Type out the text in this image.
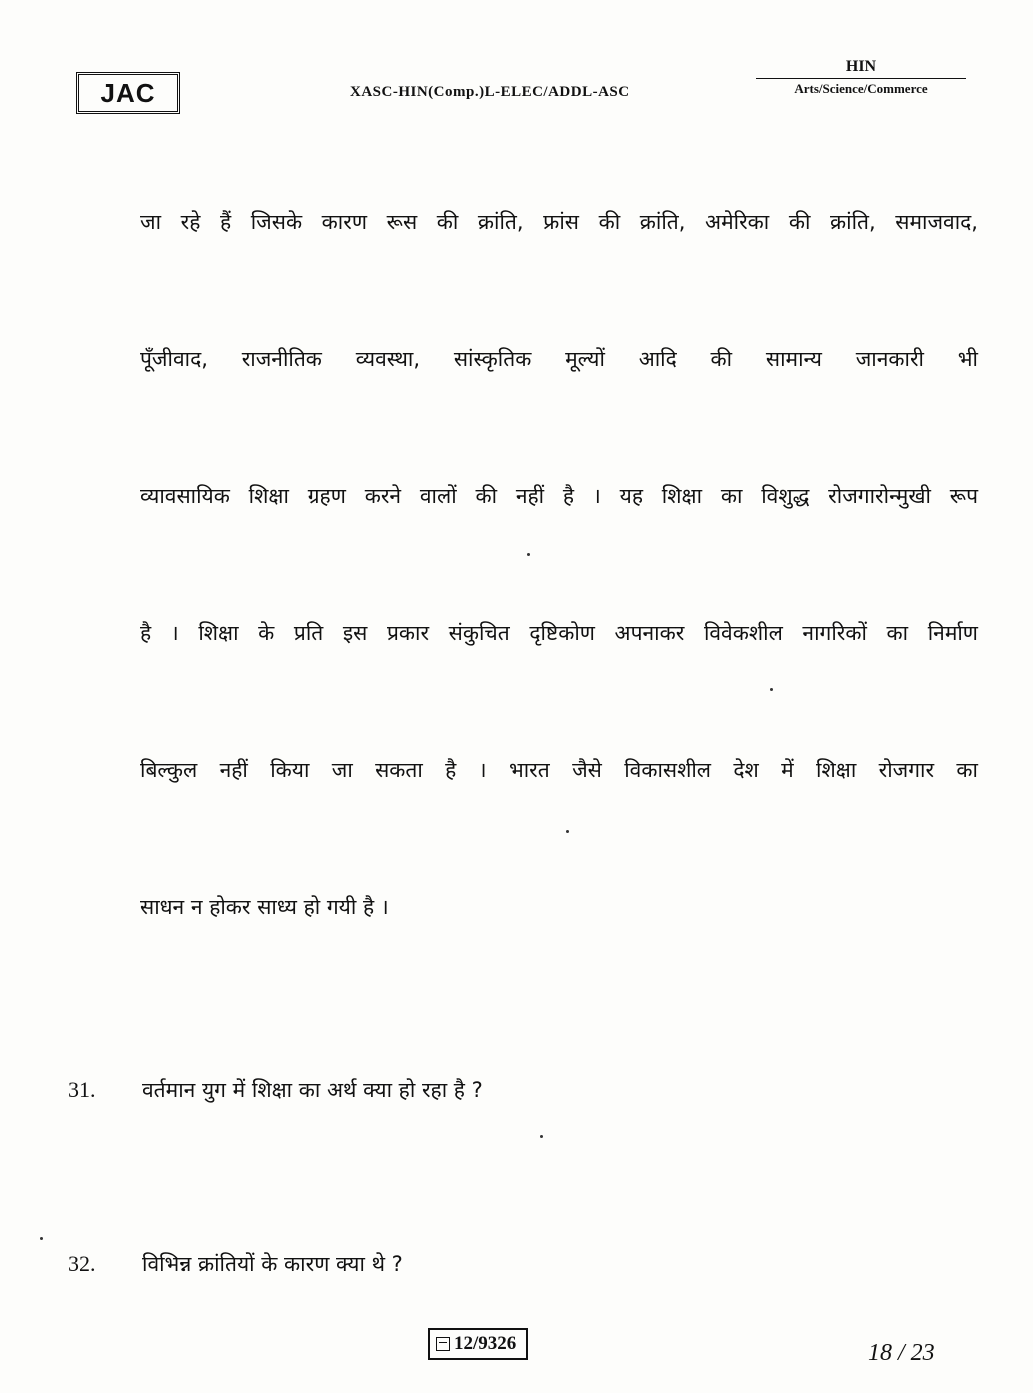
JAC	XASC-HIN(Comp.)L-ELEC/ADDL-ASC
HIN
Arts/Science/Commerce
जा रहे हैं जिसके कारण रूस की क्रांति, फ्रांस की क्रांति, अमेरिका की क्रांति, समाजवाद,
पूँजीवाद, राजनीतिक व्यवस्था, सांस्कृतिक मूल्यों आदि की सामान्य जानकारी भी
व्यावसायिक शिक्षा ग्रहण करने वालों की नहीं है । यह शिक्षा का विशुद्ध रोजगारोन्मुखी रूप
है । शिक्षा के प्रति इस प्रकार संकुचित दृष्टिकोण अपनाकर विवेकशील नागरिकों का निर्माण
बिल्कुल नहीं किया जा सकता है । भारत जैसे विकासशील देश में शिक्षा रोजगार का
साधन न होकर साध्य हो गयी है ।
31.	वर्तमान युग में शिक्षा का अर्थ क्या हो रहा है ?
32.	विभिन्न क्रांतियों के कारण क्या थे ?
12/9326	18 / 23
